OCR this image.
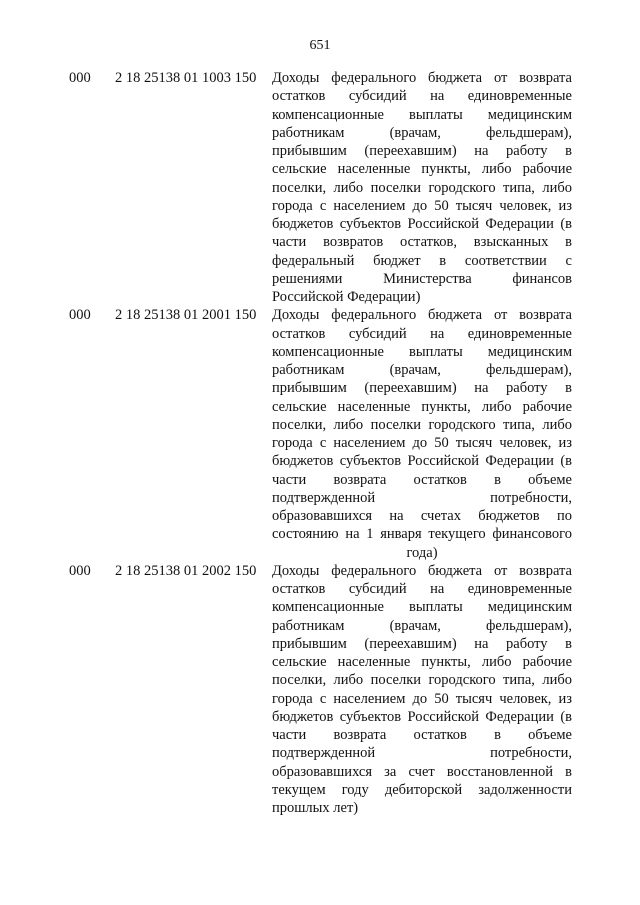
651
000 2 18 25138 01 1003 150 Доходы федерального бюджета от возврата
остатков субсидий на единовременные
компенсационные выплаты медицинским
работникам (врачам, фельдшерам),
прибывшим (переехавшим) на работу в
сельские населенные пункты, либо рабочие
поселки, либо поселки городского типа, либо
города с населением до 50 тысяч человек, из
бюджетов субъектов Российской Федерации (в
части возвратов остатков, взысканных в
федеральный бюджет в соответствии с
решениями Министерства финансов
Российской Федерации)
000 2 18 25138 01 2001 150 Доходы федерального бюджета от возврата
остатков субсидий на единовременные
компенсационные выплаты медицинским
работникам (врачам, фельдшерам),
прибывшим (переехавшим) на работу в
сельские населенные пункты, либо рабочие
поселки, либо поселки городского типа, либо
города с населением до 50 тысяч человек, из
бюджетов субъектов Российской Федерации (в
части возврата остатков в объеме
подтвержденной потребности,
образовавшихся на счетах бюджетов по
состоянию на 1 января текущего финансового
года)
000 2 18 25138 01 2002 150 Доходы федерального бюджета от возврата
остатков субсидий на единовременные
компенсационные выплаты медицинским
работникам (врачам, фельдшерам),
прибывшим (переехавшим) на работу в
сельские населенные пункты, либо рабочие
поселки, либо поселки городского типа, либо
города с населением до 50 тысяч человек, из
бюджетов субъектов Российской Федерации (в
части возврата остатков в объеме
подтвержденной потребности,
образовавшихся за счет восстановленной в
текущем году дебиторской задолженности
прошлых лет)
